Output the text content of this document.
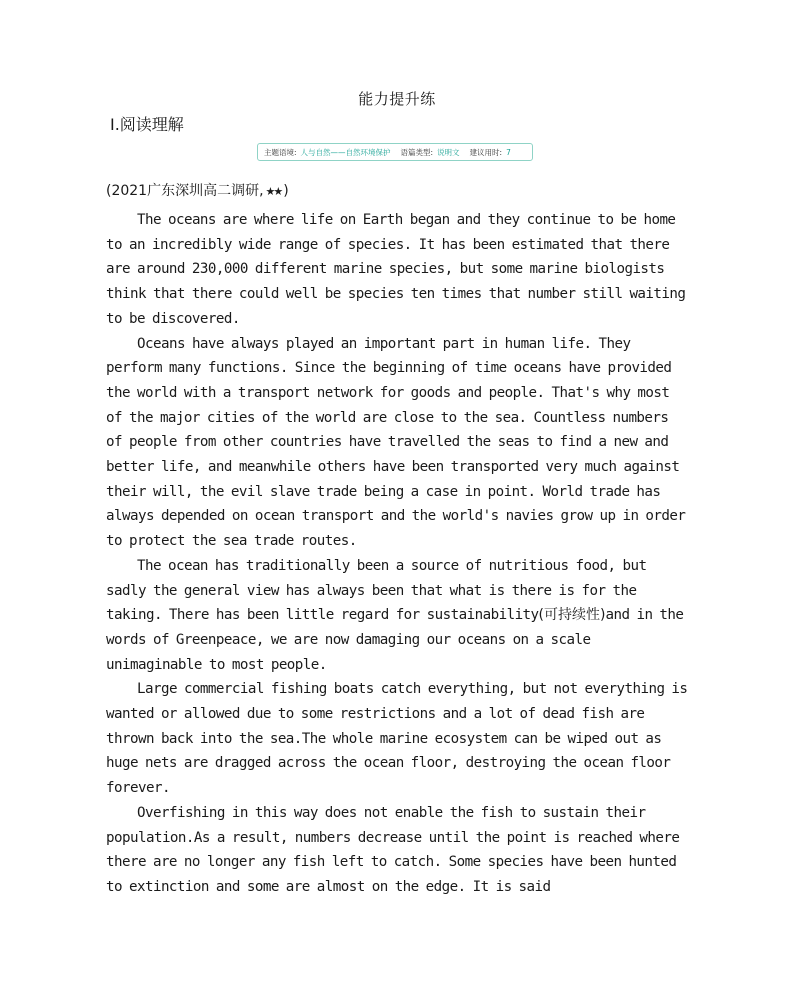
能力提升练
Ⅰ.阅读理解
主题语境: 人与自然——自然环境保护 语篇类型: 说明文 建议用时: 7
(2021广东深圳高二调研, ★★ )

The oceans are where life on Earth began and they continue to be home to an incredibly wide range of species. It has been estimated that there are around 230,000 different marine species, but some marine biologists think that there could well be species ten times that number still waiting to be discovered.

Oceans have always played an important part in human life. They perform many functions. Since the beginning of time oceans have provided the world with a transport network for goods and people. That's why most of the major cities of the world are close to the sea. Countless numbers of people from other countries have travelled the seas to find a new and better life, and meanwhile others have been transported very much against their will, the evil slave trade being a case in point. World trade has always depended on ocean transport and the world's navies grow up in order to protect the sea trade routes.

The ocean has traditionally been a source of nutritious food, but sadly the general view has always been that what is there is for the taking. There has been little regard for sustainability(可持续性)and in the words of Greenpeace, we are now damaging our oceans on a scale unimaginable to most people.

Large commercial fishing boats catch everything, but not everything is wanted or allowed due to some restrictions and a lot of dead fish are thrown back into the sea.The whole marine ecosystem can be wiped out as huge nets are dragged across the ocean floor, destroying the ocean floor forever.

Overfishing in this way does not enable the fish to sustain their population.As a result, numbers decrease until the point is reached where there are no longer any fish left to catch. Some species have been hunted to extinction and some are almost on the edge. It is said
